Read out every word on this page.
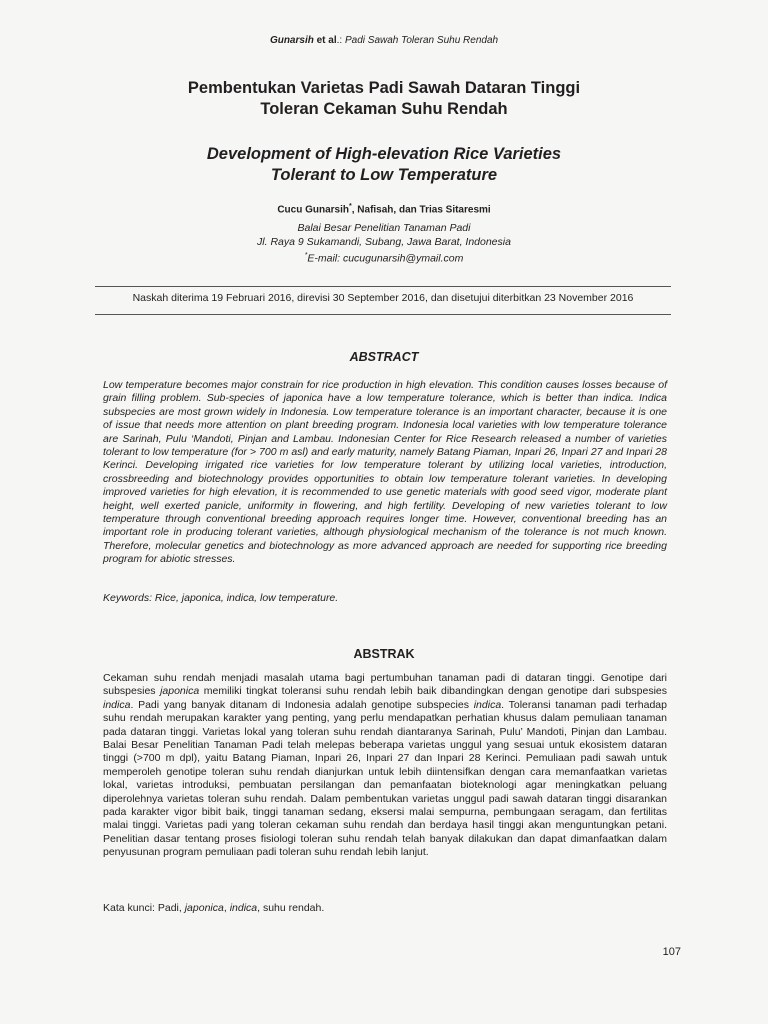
Gunarsih et al.: Padi Sawah Toleran Suhu Rendah
Pembentukan Varietas Padi Sawah Dataran Tinggi
Toleran Cekaman Suhu Rendah
Development of High-elevation Rice Varieties
Tolerant to Low Temperature
Cucu Gunarsih*, Nafisah, dan Trias Sitaresmi
Balai Besar Penelitian Tanaman Padi
Jl. Raya 9 Sukamandi, Subang, Jawa Barat, Indonesia
*E-mail: cucugunarsih@ymail.com
Naskah diterima 19 Februari 2016, direvisi 30 September 2016, dan disetujui diterbitkan 23 November 2016
ABSTRACT

Low temperature becomes major constrain for rice production in high elevation. This condition causes losses because of grain filling problem. Sub-species of japonica have a low temperature tolerance, which is better than indica. Indica subspecies are most grown widely in Indonesia. Low temperature tolerance is an important character, because it is one of issue that needs more attention on plant breeding program. Indonesia local varieties with low temperature tolerance are Sarinah, Pulu ‘Mandoti, Pinjan and Lambau. Indonesian Center for Rice Research released a number of varieties tolerant to low temperature (for > 700 m asl) and early maturity, namely Batang Piaman, Inpari 26, Inpari 27 and Inpari 28 Kerinci. Developing irrigated rice varieties for low temperature tolerant by utilizing local varieties, introduction, crossbreeding and biotechnology provides opportunities to obtain low temperature tolerant varieties. In developing improved varieties for high elevation, it is recommended to use genetic materials with good seed vigor, moderate plant height, well exerted panicle, uniformity in flowering, and high fertility. Developing of new varieties tolerant to low temperature through conventional breeding approach requires longer time. However, conventional breeding has an important role in producing tolerant varieties, although physiological mechanism of the tolerance is not much known. Therefore, molecular genetics and biotechnology as more advanced approach are needed for supporting rice breeding program for abiotic stresses.

Keywords: Rice, japonica, indica, low temperature.

ABSTRAK

Cekaman suhu rendah menjadi masalah utama bagi pertumbuhan tanaman padi di dataran tinggi. Genotipe dari subspesies japonica memiliki tingkat toleransi suhu rendah lebih baik dibandingkan dengan genotipe dari subspesies indica. Padi yang banyak ditanam di Indonesia adalah genotipe subspecies indica. Toleransi tanaman padi terhadap suhu rendah merupakan karakter yang penting, yang perlu mendapatkan perhatian khusus dalam pemuliaan tanaman pada dataran tinggi. Varietas lokal yang toleran suhu rendah diantaranya Sarinah, Pulu’ Mandoti, Pinjan dan Lambau. Balai Besar Penelitian Tanaman Padi telah melepas beberapa varietas unggul yang sesuai untuk ekosistem dataran tinggi (>700 m dpl), yaitu Batang Piaman, Inpari 26, Inpari 27 dan Inpari 28 Kerinci. Pemuliaan padi sawah untuk memperoleh genotipe toleran suhu rendah dianjurkan untuk lebih diintensifkan dengan cara memanfaatkan varietas lokal, varietas introduksi, pembuatan persilangan dan pemanfaatan bioteknologi agar meningkatkan peluang diperolehnya varietas toleran suhu rendah. Dalam pembentukan varietas unggul padi sawah dataran tinggi disarankan pada karakter vigor bibit baik, tinggi tanaman sedang, eksersi malai sempurna, pembungaan seragam, dan fertilitas malai tinggi. Varietas padi yang toleran cekaman suhu rendah dan berdaya hasil tinggi akan menguntungkan petani. Penelitian dasar tentang proses fisiologi toleran suhu rendah telah banyak dilakukan dan dapat dimanfaatkan dalam penyusunan program pemuliaan padi toleran suhu rendah lebih lanjut.

Kata kunci: Padi, japonica, indica, suhu rendah.

107
